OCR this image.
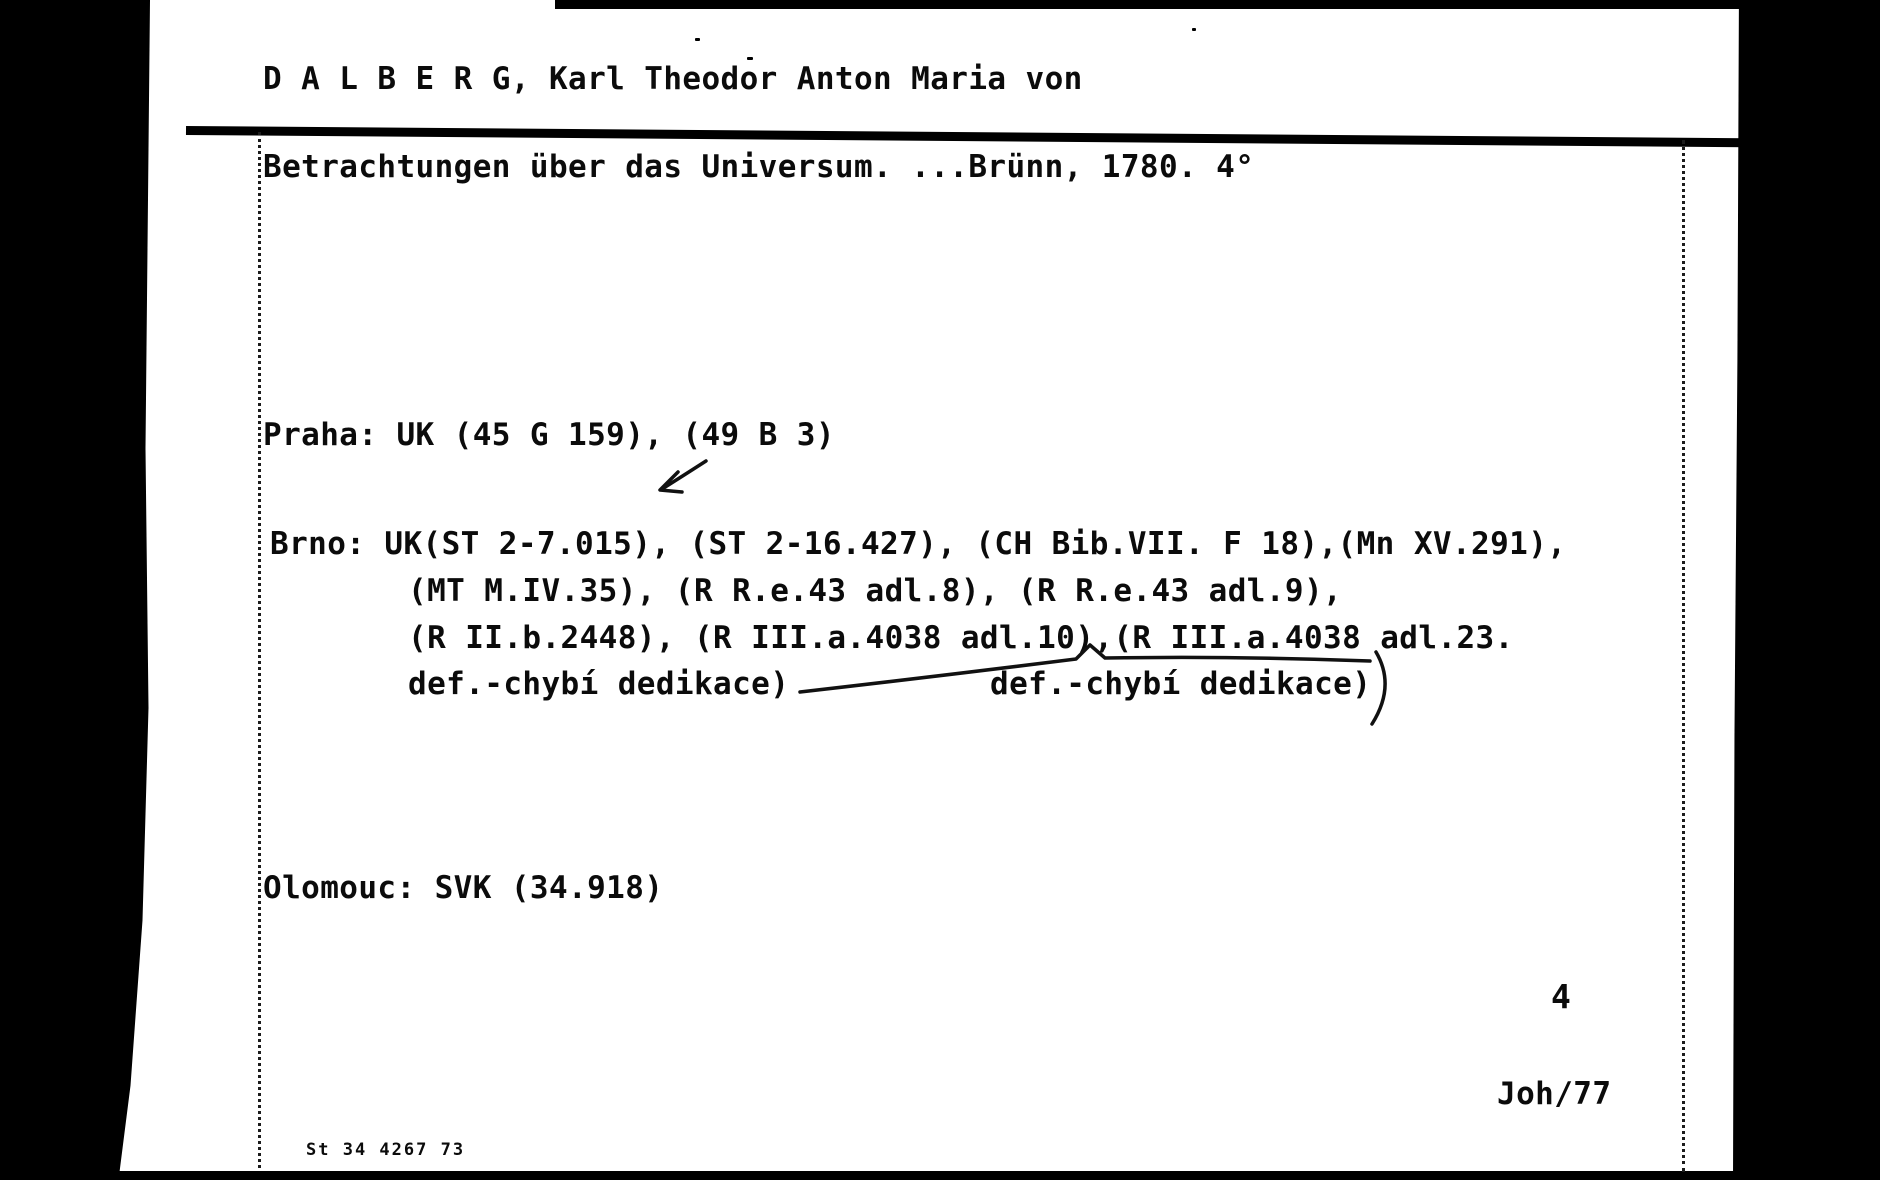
D A L B E R G, Karl Theodor Anton Maria von
Betrachtungen über das Universum. ...Brünn, 1780. 4°
Praha: UK (45 G 159), (49 B 3)
Brno: UK(ST 2-7.015), (ST 2-16.427), (CH Bib.VII. F 18),(Mn XV.291),
(MT M.IV.35), (R R.e.43 adl.8), (R R.e.43 adl.9),
(R II.b.2448), (R III.a.4038 adl.10),(R III.a.4038 adl.23.
def.-chybí dedikace)	def.-chybí dedikace)
Olomouc: SVK (34.918)
4
Joh/77
St 34 4267 73
